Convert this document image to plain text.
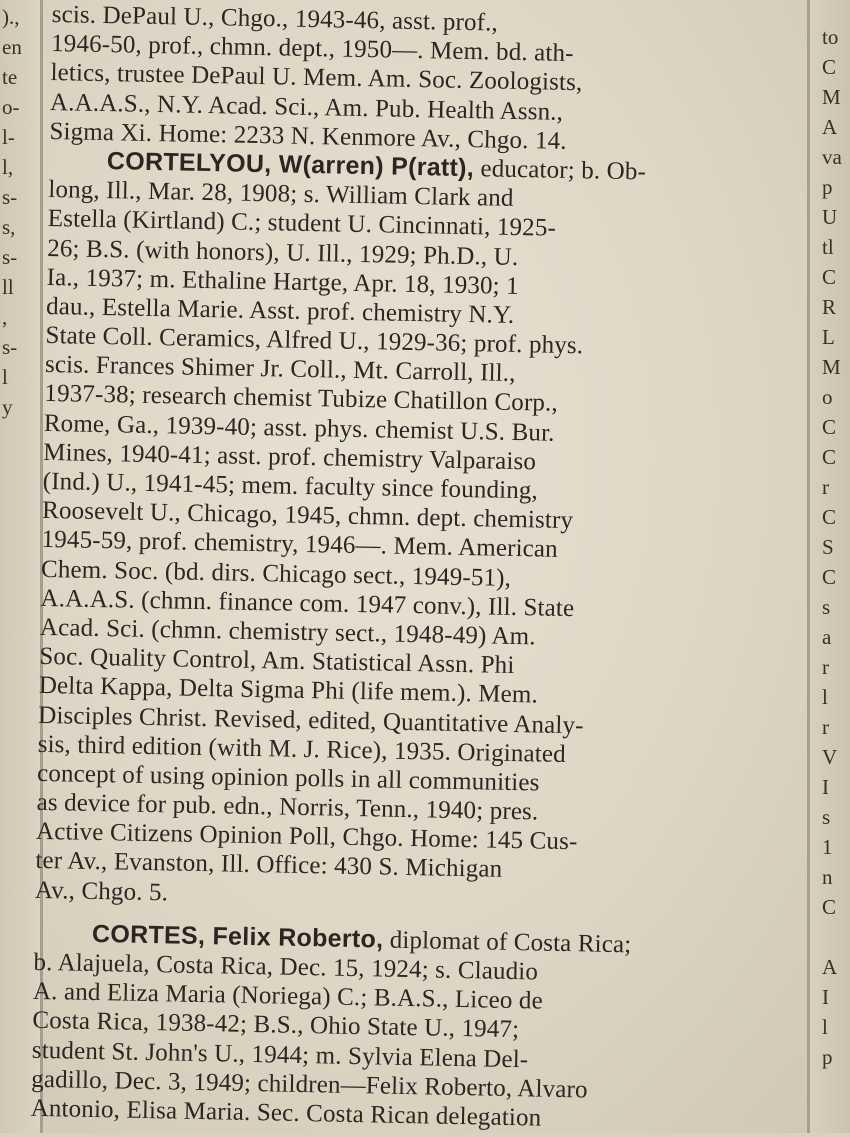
).,
en
te
o-
l-
l,
s-
s,
s-
ll
,
s-
l
y
to
C
M
A
va
p
U
tl
C
R
L
M
o
C
C
r
C
S
C
s
a
r
l
r
V
I
s
1
n
C
A
I
l
p
scis. DePaul U., Chgo., 1943-46, asst. prof.,
1946-50, prof., chmn. dept., 1950—. Mem. bd. ath-
letics, trustee DePaul U. Mem. Am. Soc. Zoologists,
A.A.A.S., N.Y. Acad. Sci., Am. Pub. Health Assn.,
Sigma Xi. Home: 2233 N. Kenmore Av., Chgo. 14.
CORTELYOU, W(arren) P(ratt), educator; b. Ob-
long, Ill., Mar. 28, 1908; s. William Clark and
Estella (Kirtland) C.; student U. Cincinnati, 1925-
26; B.S. (with honors), U. Ill., 1929; Ph.D., U.
Ia., 1937; m. Ethaline Hartge, Apr. 18, 1930; 1
dau., Estella Marie. Asst. prof. chemistry N.Y.
State Coll. Ceramics, Alfred U., 1929-36; prof. phys.
scis. Frances Shimer Jr. Coll., Mt. Carroll, Ill.,
1937-38; research chemist Tubize Chatillon Corp.,
Rome, Ga., 1939-40; asst. phys. chemist U.S. Bur.
Mines, 1940-41; asst. prof. chemistry Valparaiso
(Ind.) U., 1941-45; mem. faculty since founding,
Roosevelt U., Chicago, 1945, chmn. dept. chemistry
1945-59, prof. chemistry, 1946—. Mem. American
Chem. Soc. (bd. dirs. Chicago sect., 1949-51),
A.A.A.S. (chmn. finance com. 1947 conv.), Ill. State
Acad. Sci. (chmn. chemistry sect., 1948-49) Am.
Soc. Quality Control, Am. Statistical Assn. Phi
Delta Kappa, Delta Sigma Phi (life mem.). Mem.
Disciples Christ. Revised, edited, Quantitative Analy-
sis, third edition (with M. J. Rice), 1935. Originated
concept of using opinion polls in all communities
as device for pub. edn., Norris, Tenn., 1940; pres.
Active Citizens Opinion Poll, Chgo. Home: 145 Cus-
ter Av., Evanston, Ill. Office: 430 S. Michigan
Av., Chgo. 5.
CORTES, Felix Roberto, diplomat of Costa Rica;
b. Alajuela, Costa Rica, Dec. 15, 1924; s. Claudio
A. and Eliza Maria (Noriega) C.; B.A.S., Liceo de
Costa Rica, 1938-42; B.S., Ohio State U., 1947;
student St. John's U., 1944; m. Sylvia Elena Del-
gadillo, Dec. 3, 1949; children—Felix Roberto, Alvaro
Antonio, Elisa Maria. Sec. Costa Rican delegation
